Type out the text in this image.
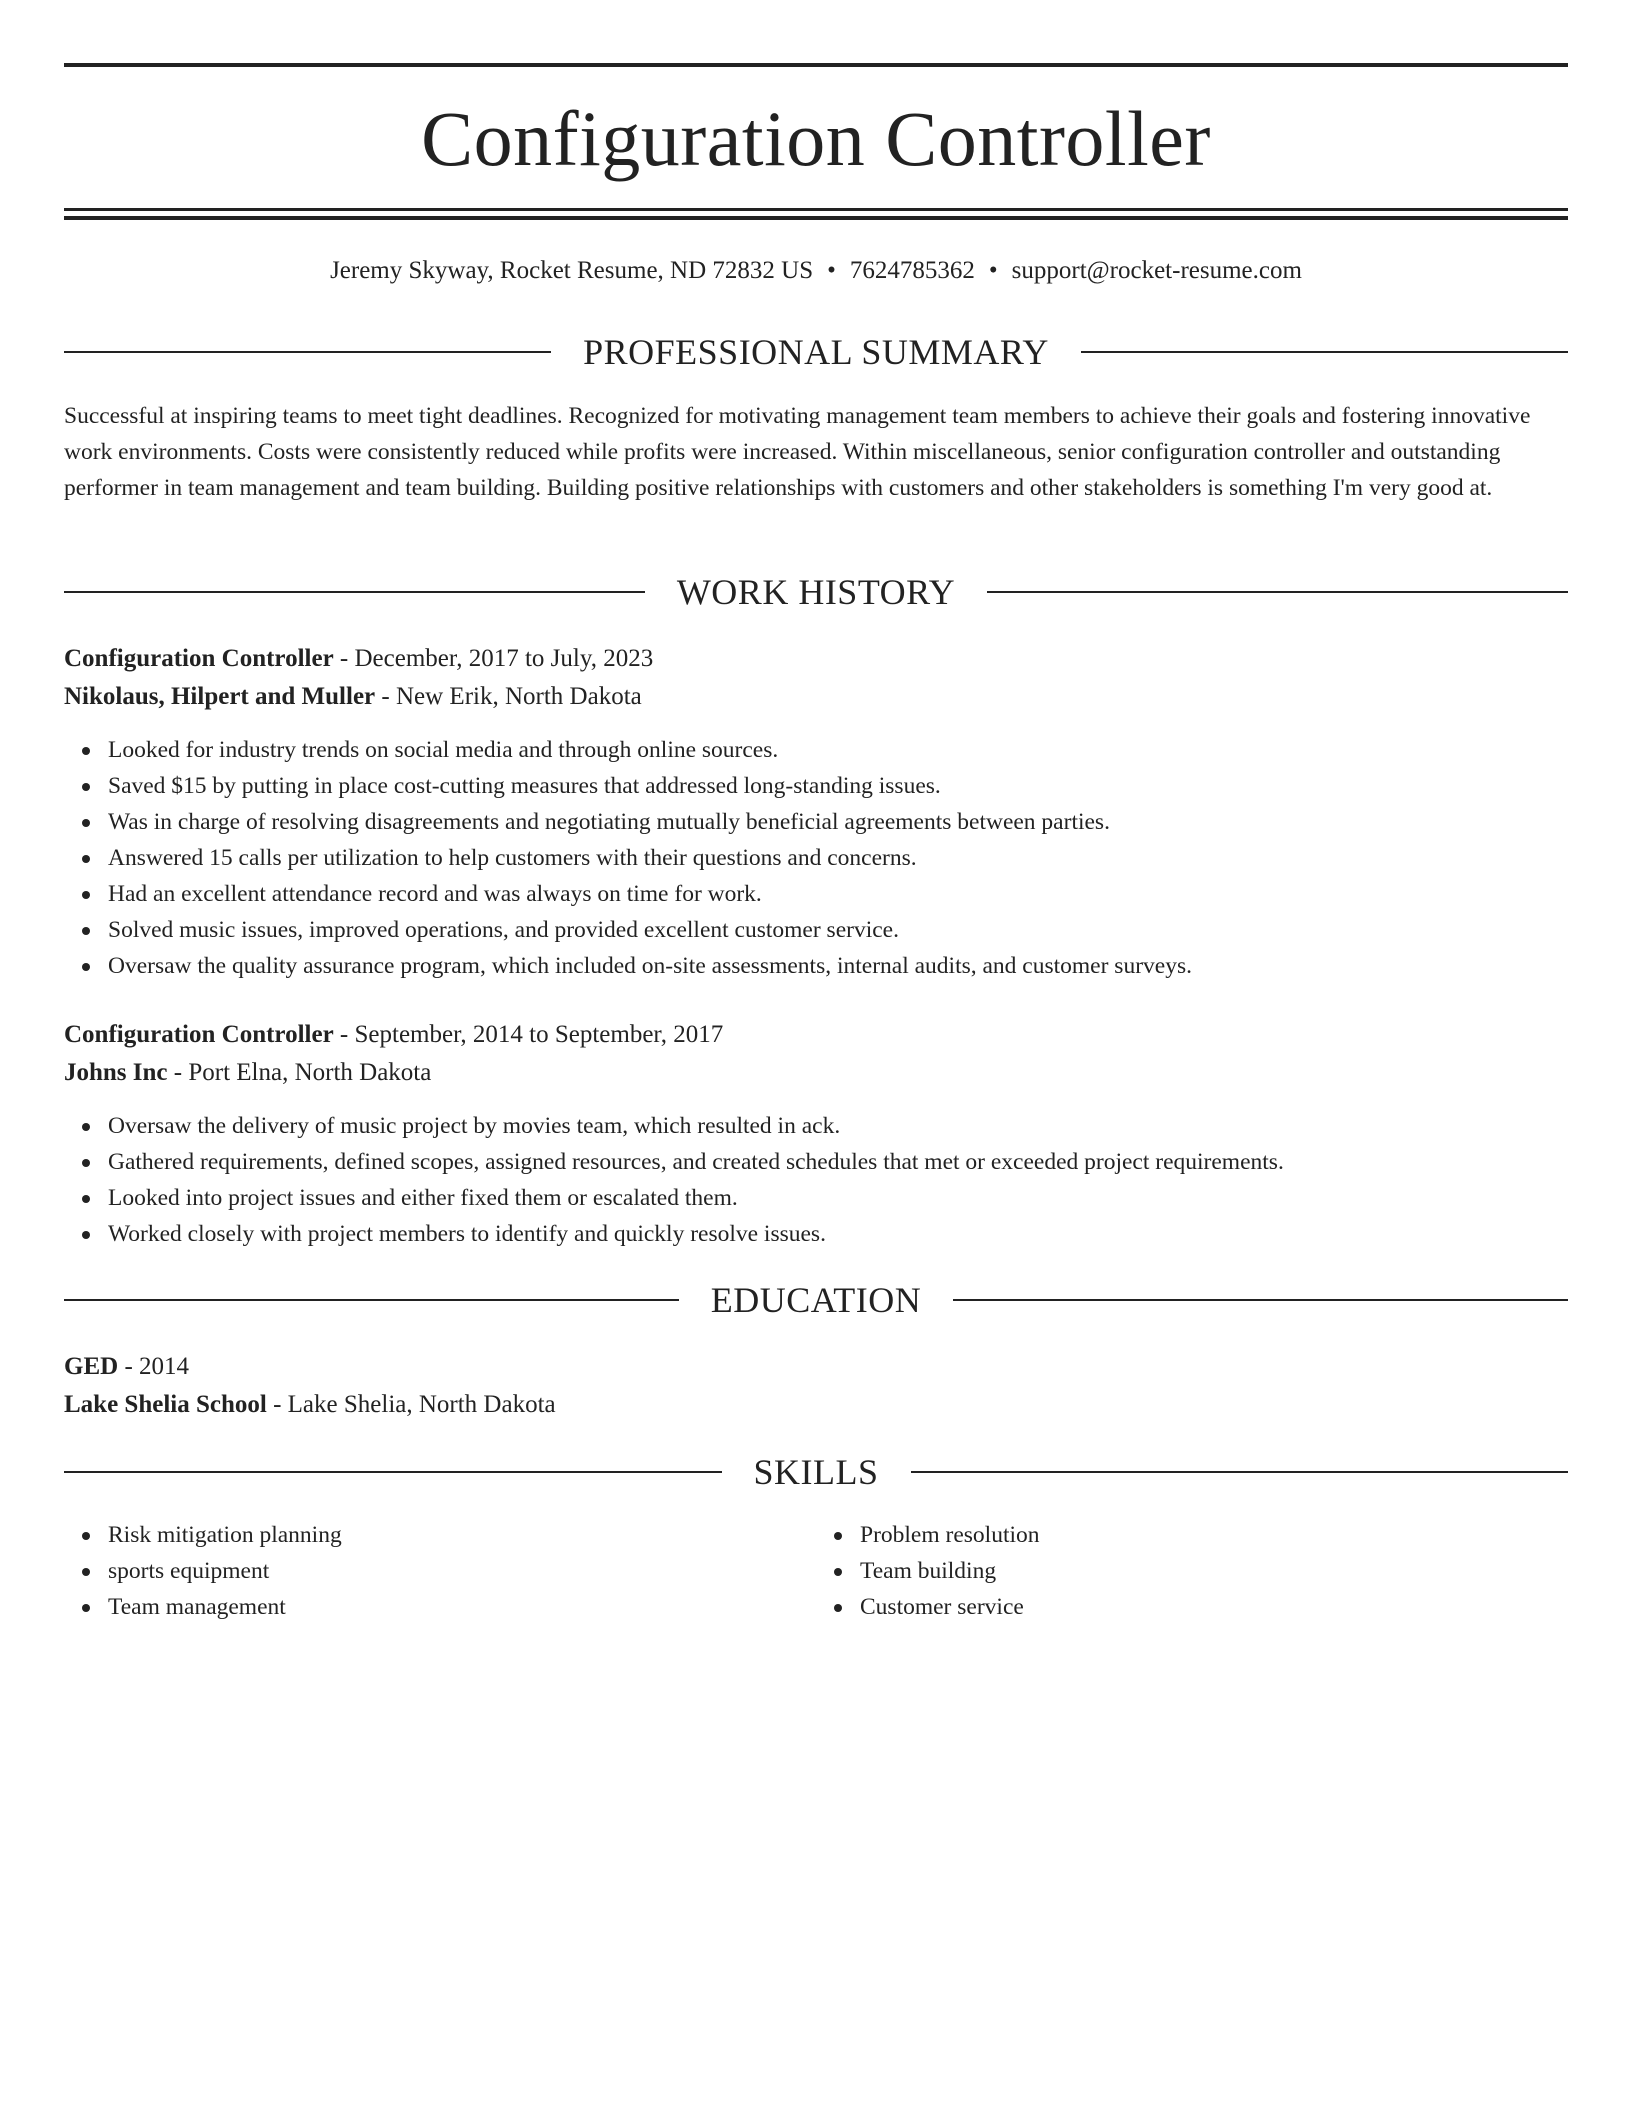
Configuration Controller
Jeremy Skyway, Rocket Resume, ND 72832 US • 7624785362 • support@rocket-resume.com
PROFESSIONAL SUMMARY

Successful at inspiring teams to meet tight deadlines. Recognized for motivating management team members to achieve their goals and fostering innovative work environments. Costs were consistently reduced while profits were increased. Within miscellaneous, senior configuration controller and outstanding performer in team management and team building. Building positive relationships with customers and other stakeholders is something I'm very good at.

WORK HISTORY
Configuration Controller - December, 2017 to July, 2023
Nikolaus, Hilpert and Muller - New Erik, North Dakota
Looked for industry trends on social media and through online sources.
Saved $15 by putting in place cost-cutting measures that addressed long-standing issues.
Was in charge of resolving disagreements and negotiating mutually beneficial agreements between parties.
Answered 15 calls per utilization to help customers with their questions and concerns.
Had an excellent attendance record and was always on time for work.
Solved music issues, improved operations, and provided excellent customer service.
Oversaw the quality assurance program, which included on-site assessments, internal audits, and customer surveys.
Configuration Controller - September, 2014 to September, 2017
Johns Inc - Port Elna, North Dakota
Oversaw the delivery of music project by movies team, which resulted in ack.
Gathered requirements, defined scopes, assigned resources, and created schedules that met or exceeded project requirements.
Looked into project issues and either fixed them or escalated them.
Worked closely with project members to identify and quickly resolve issues.
EDUCATION
GED - 2014
Lake Shelia School - Lake Shelia, North Dakota
SKILLS
Risk mitigation planning
sports equipment
Team management
Problem resolution
Team building
Customer service
